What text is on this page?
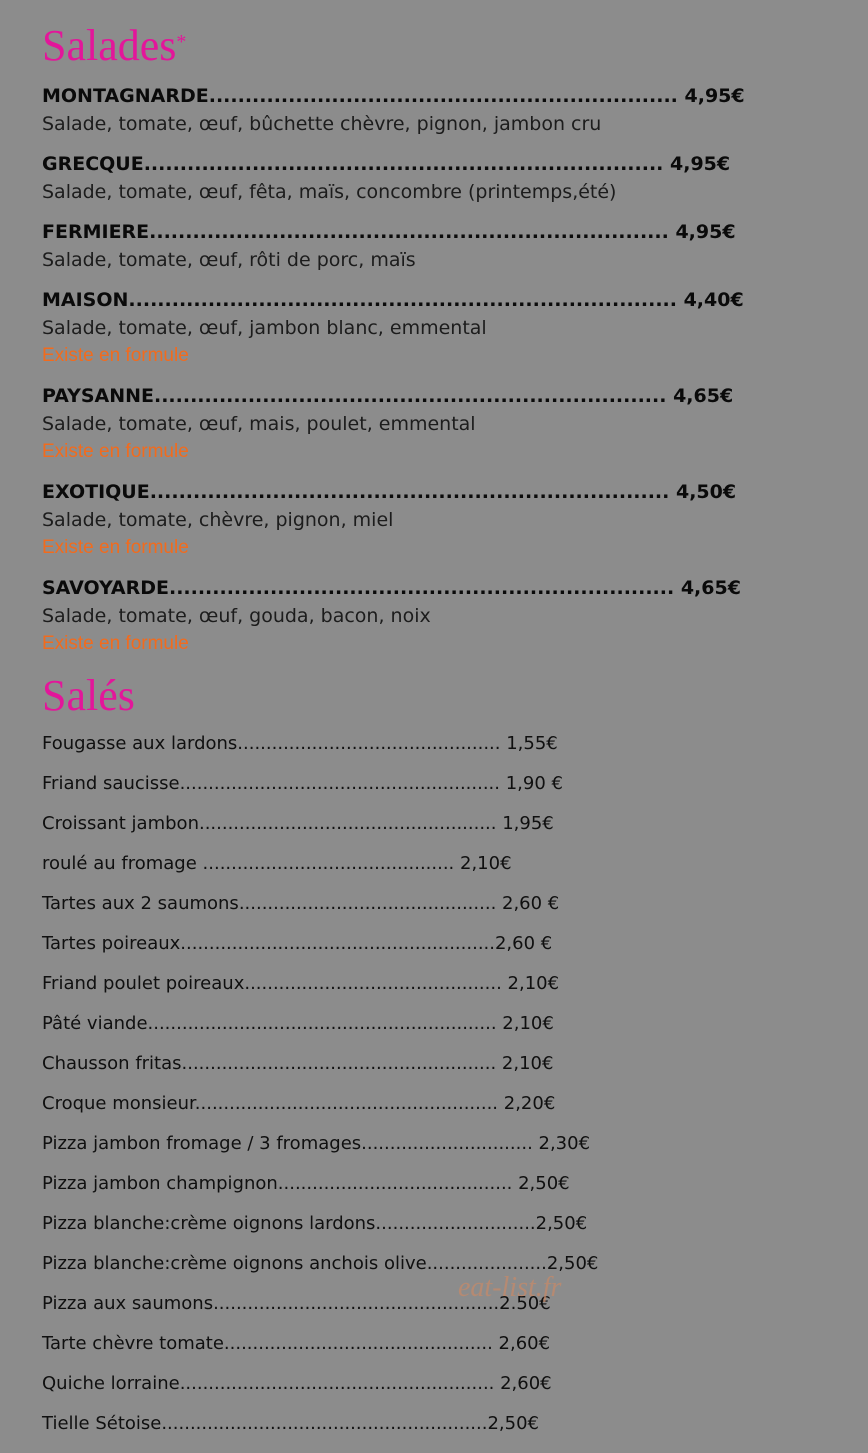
Salades*
MONTAGNARDE................................................................. 4,95€
Salade, tomate, œuf, bûchette chèvre, pignon, jambon cru
GRECQUE........................................................................ 4,95€
Salade, tomate, œuf, fêta, maïs, concombre (printemps,été)
FERMIERE........................................................................ 4,95€
Salade, tomate, œuf, rôti de porc, maïs
MAISON............................................................................ 4,40€
Salade, tomate, œuf, jambon blanc, emmental
Existe en formule
PAYSANNE....................................................................... 4,65€
Salade, tomate, œuf, mais, poulet, emmental
Existe en formule
EXOTIQUE........................................................................ 4,50€
Salade, tomate, chèvre, pignon, miel
Existe en formule
SAVOYARDE...................................................................... 4,65€
Salade, tomate, œuf, gouda, bacon, noix
Existe en formule
Salés
Fougasse aux lardons.............................................. 1,55€
Friand saucisse........................................................ 1,90 €
Croissant jambon.................................................... 1,95€
roulé au fromage ............................................ 2,10€
Tartes aux 2 saumons............................................. 2,60 €
Tartes poireaux.......................................................2,60 €
Friand poulet poireaux............................................. 2,10€
Pâté viande............................................................. 2,10€
Chausson fritas....................................................... 2,10€
Croque monsieur..................................................... 2,20€
Pizza jambon fromage / 3 fromages.............................. 2,30€
Pizza jambon champignon......................................... 2,50€
Pizza blanche:crème oignons lardons............................2,50€
Pizza blanche:crème oignons anchois olive.....................2,50€
Pizza aux saumons..................................................2.50€
Tarte chèvre tomate............................................... 2,60€
Quiche lorraine....................................................... 2,60€
Tielle Sétoise.........................................................2,50€
eat-list.fr
